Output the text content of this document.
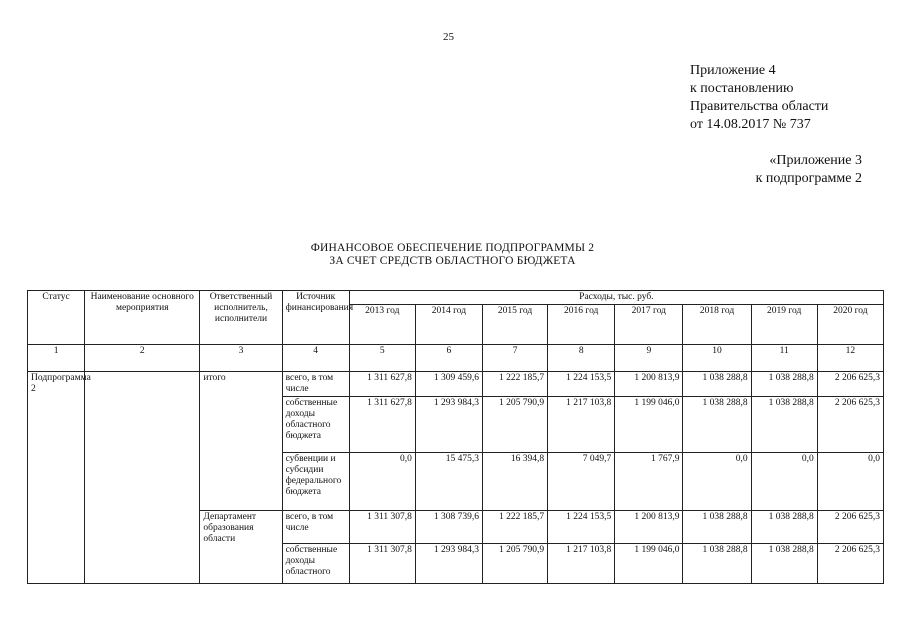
25
Приложение 4
к постановлению
Правительства области
от 14.08.2017 № 737
«Приложение 3
к подпрограмме 2
ФИНАНСОВОЕ ОБЕСПЕЧЕНИЕ ПОДПРОГРАММЫ 2
ЗА СЧЕТ СРЕДСТВ ОБЛАСТНОГО БЮДЖЕТА
Статус	Наименование основного мероприятия	Ответственный исполнитель, исполнители	Источник финансирования	Расходы, тыс. руб.							
				2013 год	2014 год	2015 год	2016 год	2017 год	2018 год	2019 год	2020 год
1	2	3	4	5	6	7	8	9	10	11	12
Подпрограмма 2		итого	всего, в том числе	1 311 627,8	1 309 459,6	1 222 185,7	1 224 153,5	1 200 813,9	1 038 288,8	1 038 288,8	2 206 625,3
			собственные доходы областного бюджета	1 311 627,8	1 293 984,3	1 205 790,9	1 217 103,8	1 199 046,0	1 038 288,8	1 038 288,8	2 206 625,3
			субвенции и субсидии федерального бюджета	0,0	15 475,3	16 394,8	7 049,7	1 767,9	0,0	0,0	0,0
		Департамент образования области	всего, в том числе	1 311 307,8	1 308 739,6	1 222 185,7	1 224 153,5	1 200 813,9	1 038 288,8	1 038 288,8	2 206 625,3
			собственные доходы областного	1 311 307,8	1 293 984,3	1 205 790,9	1 217 103,8	1 199 046,0	1 038 288,8	1 038 288,8	2 206 625,3
